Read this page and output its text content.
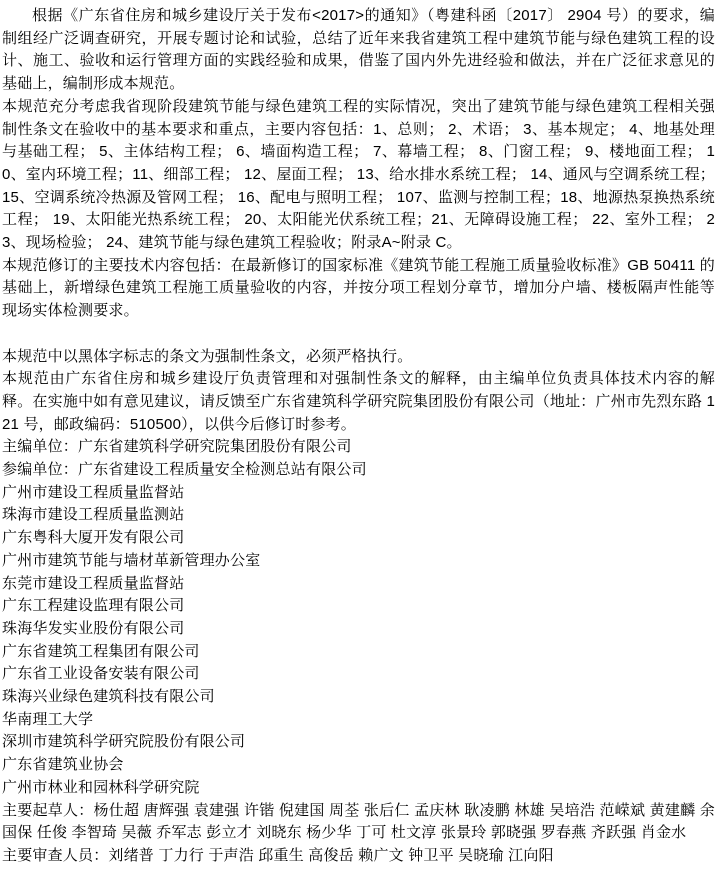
根据《广东省住房和城乡建设厅关于发布<2017>的通知》（粤建科函〔2017〕 2904 号）的要求，编制组经广泛调查研究，开展专题讨论和试验，总结了近年来我省建筑工程中建筑节能与绿色建筑工程的设计、施工、验收和运行管理方面的实践经验和成果，借鉴了国内外先进经验和做法，并在广泛征求意见的基础上，编制形成本规范。

本规范充分考虑我省现阶段建筑节能与绿色建筑工程的实际情况，突出了建筑节能与绿色建筑工程相关强制性条文在验收中的基本要求和重点，主要内容包括：1、总则； 2、术语； 3、基本规定； 4、地基处理与基础工程； 5、主体结构工程； 6、墙面构造工程； 7、幕墙工程； 8、门窗工程； 9、楼地面工程； 10、室内环境工程；11、细部工程； 12、屋面工程； 13、给水排水系统工程； 14、通风与空调系统工程；15、空调系统冷热源及管网工程； 16、配电与照明工程； 107、监测与控制工程；18、地源热泵换热系统工程； 19、太阳能光热系统工程； 20、太阳能光伏系统工程；21、无障碍设施工程； 22、室外工程； 23、现场检验； 24、建筑节能与绿色建筑工程验收；附录A~附录 C。

本规范修订的主要技术内容包括：在最新修订的国家标准《建筑节能工程施工质量验收标准》GB 50411 的基础上，新增绿色建筑工程施工质量验收的内容，并按分项工程划分章节，增加分户墙、楼板隔声性能等现场实体检测要求。

本规范中以黑体字标志的条文为强制性条文，必须严格执行。

本规范由广东省住房和城乡建设厅负责管理和对强制性条文的解释，由主编单位负责具体技术内容的解释。在实施中如有意见建议，请反馈至广东省建筑科学研究院集团股份有限公司（地址：广州市先烈东路 121 号，邮政编码：510500），以供今后修订时参考。

主编单位：广东省建筑科学研究院集团股份有限公司

参编单位：广东省建设工程质量安全检测总站有限公司

广州市建设工程质量监督站

珠海市建设工程质量监测站

广东粤科大厦开发有限公司

广州市建筑节能与墙材革新管理办公室

东莞市建设工程质量监督站

广东工程建设监理有限公司

珠海华发实业股份有限公司

广东省建筑工程集团有限公司

广东省工业设备安装有限公司

珠海兴业绿色建筑科技有限公司

华南理工大学

深圳市建筑科学研究院股份有限公司

广东省建筑业协会

广州市林业和园林科学研究院

主要起草人：杨仕超 唐辉强 袁建强 许锴 倪建国 周荃 张后仁 孟庆林 耿凌鹏 林雄 吴培浩 范嵘斌 黄建麟 余国保 任俊 李智琦 吴薇 乔军志 彭立才 刘晓东 杨少华 丁可 杜文淳 张景玲 郭晓强 罗春燕 齐跃强 肖金水

主要审查人员：刘绪普 丁力行 于声浩 邱重生 高俊岳 赖广文 钟卫平 吴晓瑜 江向阳
